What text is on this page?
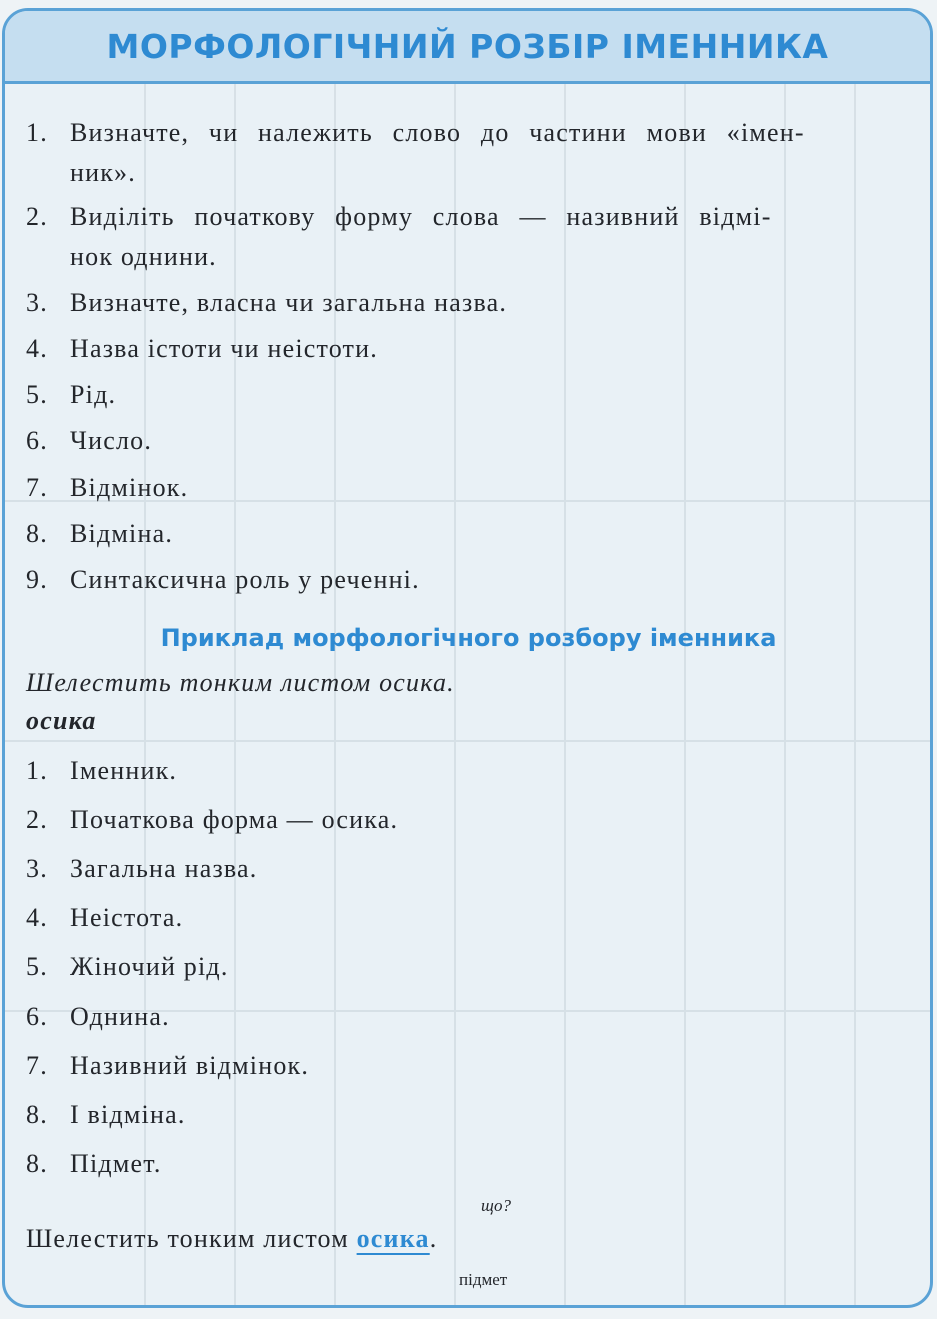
МОРФОЛОГІЧНИЙ РОЗБІР ІМЕННИКА
1. Визначте, чи належить слово до частини мови «імен-
ник».
2. Виділіть початкову форму слова — називний відмі-
нок однини.
3. Визначте, власна чи загальна назва.
4. Назва істоти чи неістоти.
5. Рід.
6. Число.
7. Відмінок.
8. Відміна.
9. Синтаксична роль у реченні.
Приклад морфологічного розбору іменника
Шелестить тонким листом осика.
осика
1. Іменник.
2. Початкова форма — осика.
3. Загальна назва.
4. Неістота.
5. Жіночий рід.
6. Однина.
7. Називний відмінок.
8. І відміна.
8. Підмет.
що?
Шелестить тонким листом осика.
підмет
